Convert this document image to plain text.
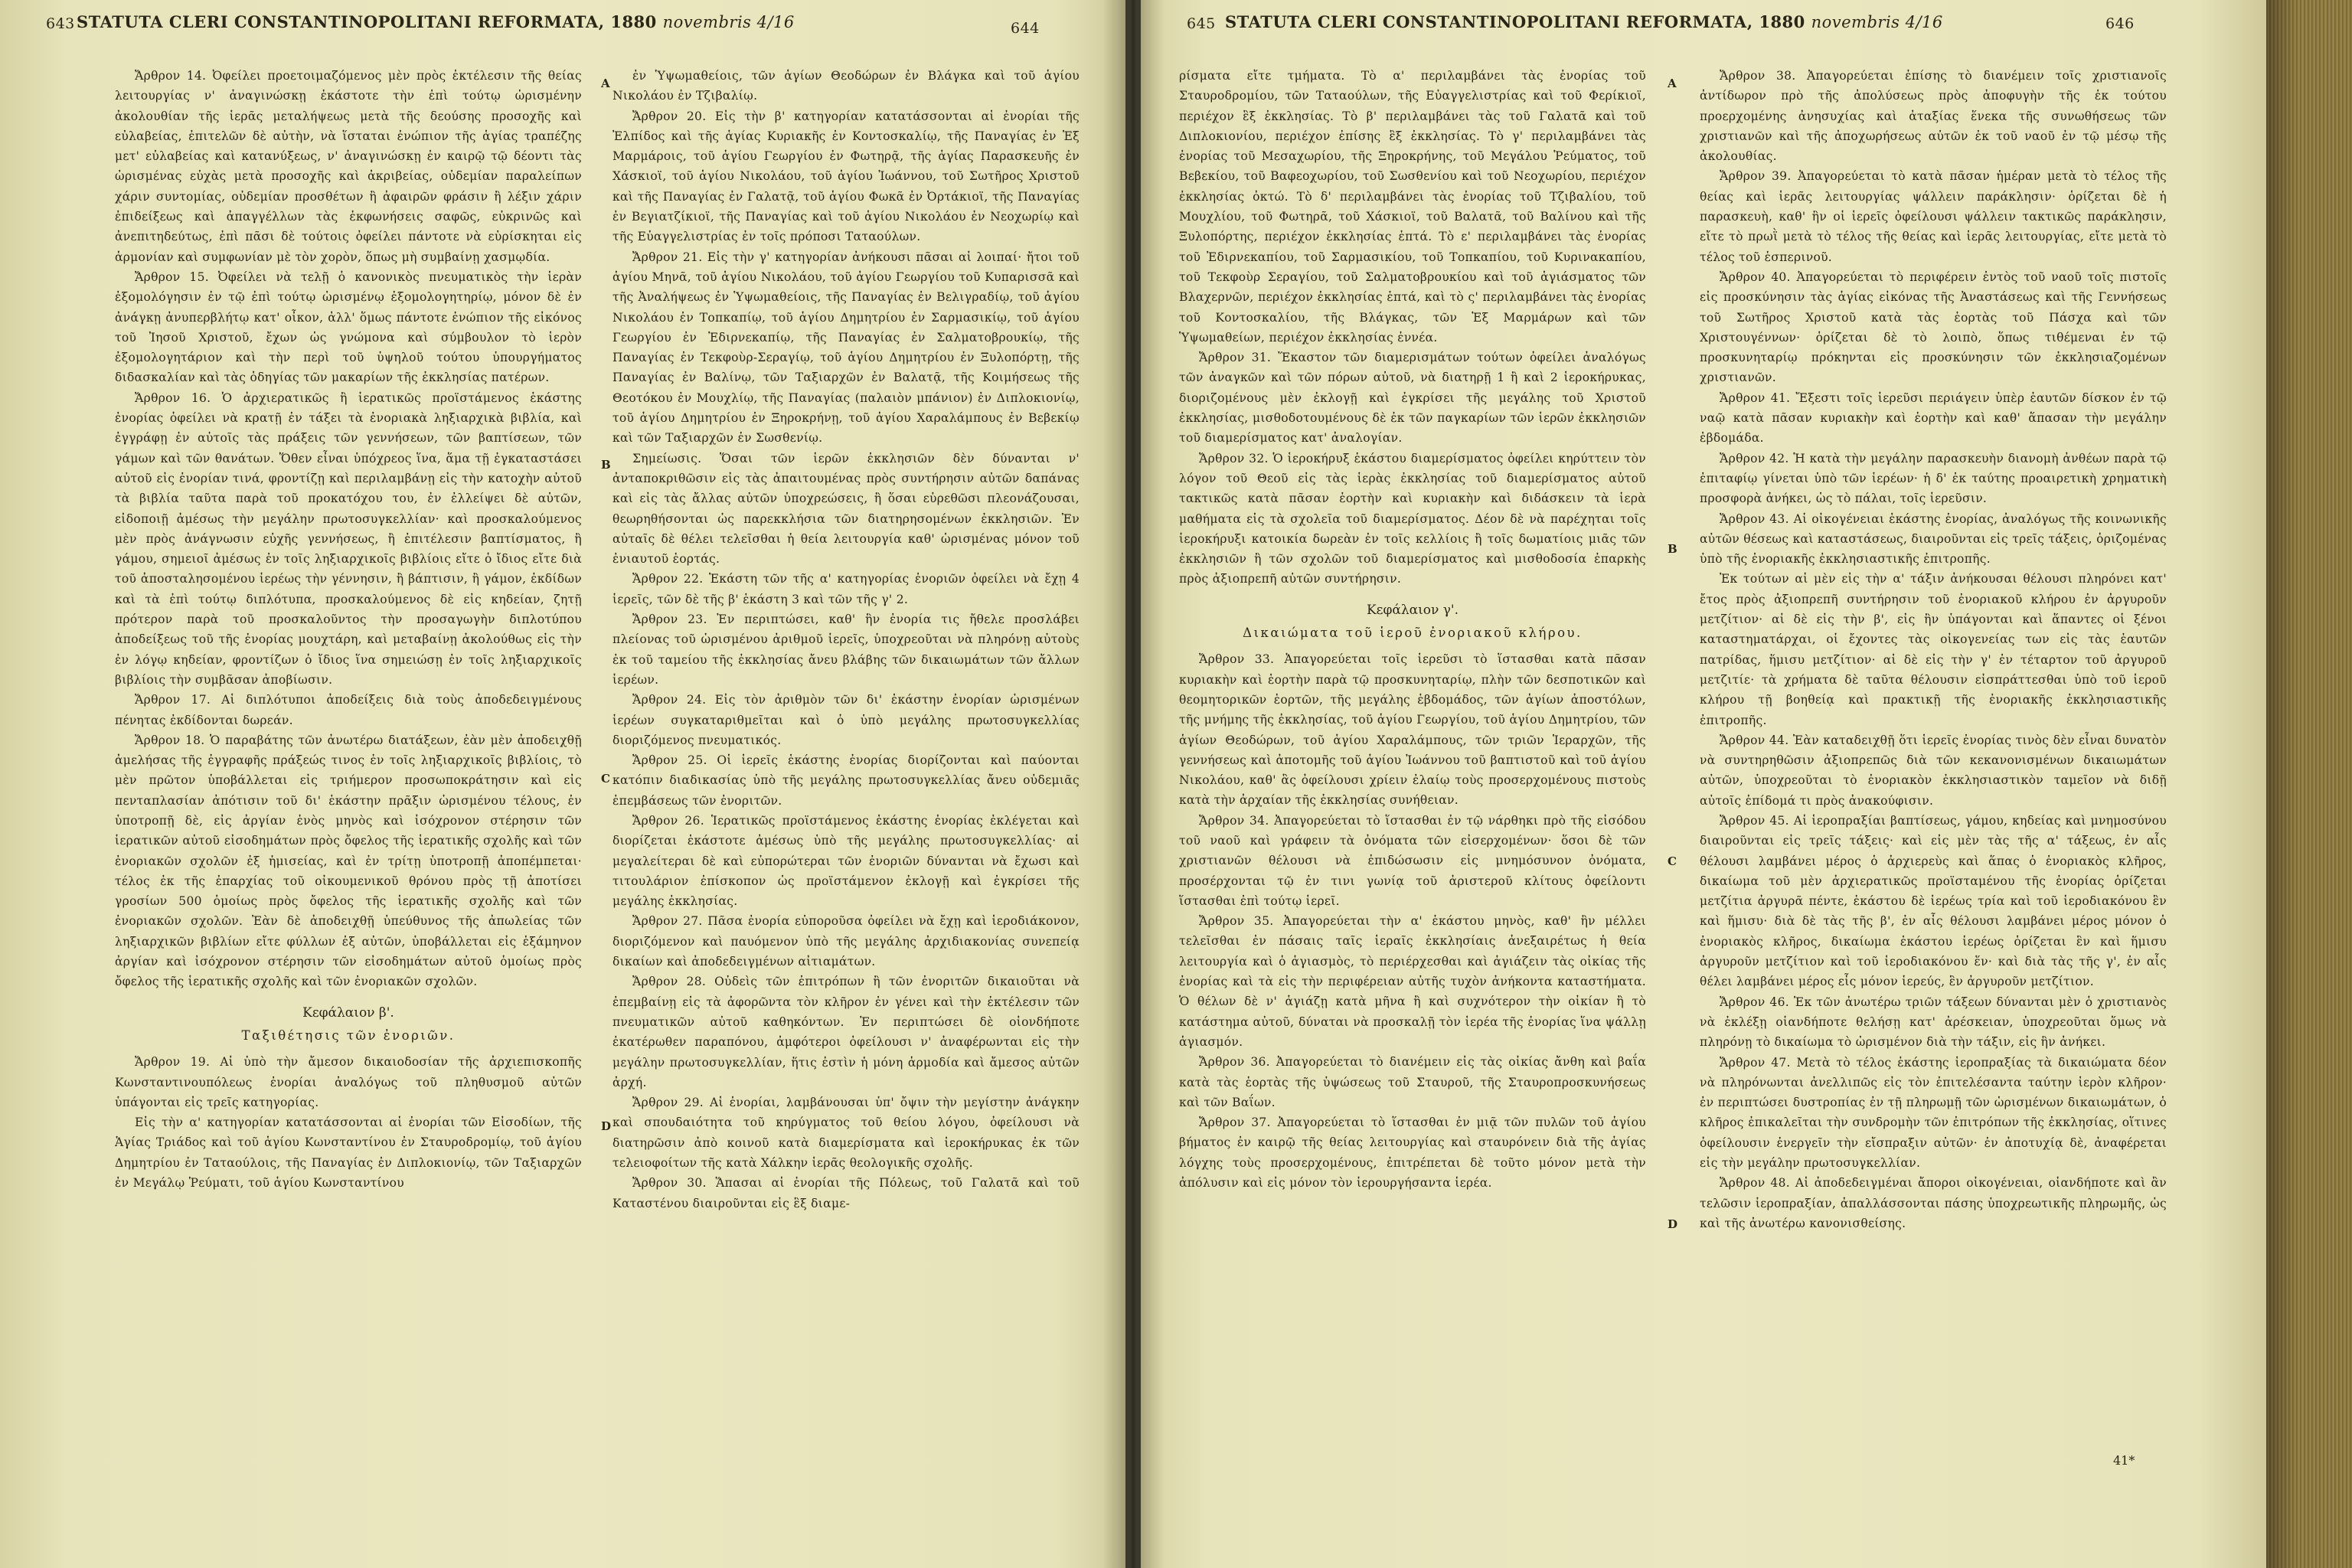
643 STATUTA CLERI CONSTANTINOPOLITANI REFORMATA, 1880 novembris 4/16	644

Ἄρθρον 14. Ὀφείλει προετοιμαζόμενος μὲν πρὸς ἐκτέλεσιν τῆς θείας λειτουργίας ν' ἀναγινώσκῃ ἑκάστοτε τὴν ἐπὶ τούτῳ ὡρισμένην ἀκολουθίαν τῆς ἱερᾶς μεταλήψεως μετὰ τῆς δεούσης προσοχῆς καὶ εὐλαβείας, ἐπιτελῶν δὲ αὐτὴν, νὰ ἵσταται ἐνώπιον τῆς ἁγίας τραπέζης μετ' εὐλαβείας καὶ κατανύξεως, ν' ἀναγινώσκῃ ἐν καιρῷ τῷ δέοντι τὰς ὡρισμένας εὐχὰς μετὰ προσοχῆς καὶ ἀκριβείας, οὐδεμίαν παραλείπων χάριν συντομίας, οὐδεμίαν προσθέτων ἢ ἀφαιρῶν φράσιν ἢ λέξιν χάριν ἐπιδείξεως καὶ ἀπαγγέλλων τὰς ἐκφωνήσεις σαφῶς, εὐκρινῶς καὶ ἀνεπιτηδεύτως, ἐπὶ πᾶσι δὲ τούτοις ὀφείλει πάντοτε νὰ εὑρίσκηται εἰς ἁρμονίαν καὶ συμφωνίαν μὲ τὸν χορὸν, ὅπως μὴ συμβαίνῃ χασμῳδία.

Ἄρθρον 15. Ὀφείλει νὰ τελῇ ὁ κανονικὸς πνευματικὸς τὴν ἱερὰν ἐξομολόγησιν ἐν τῷ ἐπὶ τούτῳ ὡρισμένῳ ἐξομολογητηρίῳ, μόνον δὲ ἐν ἀνάγκῃ ἀνυπερβλήτῳ κατ' οἶκον, ἀλλ' ὅμως πάντοτε ἐνώπιον τῆς εἰκόνος τοῦ Ἰησοῦ Χριστοῦ, ἔχων ὡς γνώμονα καὶ σύμβουλον τὸ ἱερὸν ἐξομολογητάριον καὶ τὴν περὶ τοῦ ὑψηλοῦ τούτου ὑπουργήματος διδασκαλίαν καὶ τὰς ὁδηγίας τῶν μακαρίων τῆς ἐκκλησίας πατέρων.

Ἄρθρον 16. Ὁ ἀρχιερατικῶς ἢ ἱερατικῶς προϊστάμενος ἑκάστης ἐνορίας ὀφείλει νὰ κρατῇ ἐν τάξει τὰ ἐνοριακὰ ληξιαρχικὰ βιβλία, καὶ ἐγγράφῃ ἐν αὐτοῖς τὰς πράξεις τῶν γεννήσεων, τῶν βαπτίσεων, τῶν γάμων καὶ τῶν θανάτων. Ὅθεν εἶναι ὑπόχρεος ἵνα, ἅμα τῇ ἐγκαταστάσει αὐτοῦ εἰς ἐνορίαν τινά, φροντίζῃ καὶ περιλαμβάνῃ εἰς τὴν κατοχὴν αὐτοῦ τὰ βιβλία ταῦτα παρὰ τοῦ προκατόχου του, ἐν ἐλλείψει δὲ αὐτῶν, εἰδοποιῇ ἀμέσως τὴν μεγάλην πρωτοσυγκελλίαν· καὶ προσκαλούμενος μὲν πρὸς ἀνάγνωσιν εὐχῆς γεννήσεως, ἢ ἐπιτέλεσιν βαπτίσματος, ἢ γάμου, σημειοῖ ἀμέσως ἐν τοῖς ληξιαρχικοῖς βιβλίοις εἴτε ὁ ἴδιος εἴτε διὰ τοῦ ἀποσταλησομένου ἱερέως τὴν γέννησιν, ἢ βάπτισιν, ἢ γάμον, ἐκδίδων καὶ τὰ ἐπὶ τούτῳ διπλότυπα, προσκαλούμενος δὲ εἰς κηδείαν, ζητῇ πρότερον παρὰ τοῦ προσκαλοῦντος τὴν προσαγωγὴν διπλοτύπου ἀποδείξεως τοῦ τῆς ἐνορίας μουχτάρη, καὶ μεταβαίνῃ ἀκολούθως εἰς τὴν ἐν λόγῳ κηδείαν, φροντίζων ὁ ἴδιος ἵνα σημειώσῃ ἐν τοῖς ληξιαρχικοῖς βιβλίοις τὴν συμβᾶσαν ἀποβίωσιν.

Ἄρθρον 17. Αἱ διπλότυποι ἀποδείξεις διὰ τοὺς ἀποδεδειγμένους πένητας ἐκδίδονται δωρεάν.

Ἄρθρον 18. Ὁ παραβάτης τῶν ἀνωτέρω διατάξεων, ἐὰν μὲν ἀποδειχθῇ ἀμελήσας τῆς ἐγγραφῆς πράξεώς τινος ἐν τοῖς ληξιαρχικοῖς βιβλίοις, τὸ μὲν πρῶτον ὑποβάλλεται εἰς τριήμερον προσωποκράτησιν καὶ εἰς πενταπλασίαν ἀπότισιν τοῦ δι' ἑκάστην πρᾶξιν ὡρισμένου τέλους, ἐν ὑποτροπῇ δὲ, εἰς ἀργίαν ἑνὸς μηνὸς καὶ ἰσόχρονον στέρησιν τῶν ἱερατικῶν αὐτοῦ εἰσοδημάτων πρὸς ὄφελος τῆς ἱερατικῆς σχολῆς καὶ τῶν ἐνοριακῶν σχολῶν ἐξ ἡμισείας, καὶ ἐν τρίτῃ ὑποτροπῇ ἀποπέμπεται· τέλος ἐκ τῆς ἐπαρχίας τοῦ οἰκουμενικοῦ θρόνου πρὸς τῇ ἀποτίσει γροσίων 500 ὁμοίως πρὸς ὄφελος τῆς ἱερατικῆς σχολῆς καὶ τῶν ἐνοριακῶν σχολῶν. Ἐὰν δὲ ἀποδειχθῇ ὑπεύθυνος τῆς ἀπωλείας τῶν ληξιαρχικῶν βιβλίων εἴτε φύλλων ἐξ αὐτῶν, ὑποβάλλεται εἰς ἑξάμηνον ἀργίαν καὶ ἰσόχρονον στέρησιν τῶν εἰσοδημάτων αὐτοῦ ὁμοίως πρὸς ὄφελος τῆς ἱερατικῆς σχολῆς καὶ τῶν ἐνοριακῶν σχολῶν.

Κεφάλαιον β'.

Ταξιθέτησις τῶν ἐνοριῶν.

Ἄρθρον 19. Αἱ ὑπὸ τὴν ἄμεσον δικαιοδοσίαν τῆς ἀρχιεπισκοπῆς Κωνσταντινουπόλεως ἐνορίαι ἀναλόγως τοῦ πληθυσμοῦ αὐτῶν ὑπάγονται εἰς τρεῖς κατηγορίας.

Εἰς τὴν α' κατηγορίαν κατατάσσονται αἱ ἐνορίαι τῶν Εἰσοδίων, τῆς Ἁγίας Τριάδος καὶ τοῦ ἁγίου Κωνσταντίνου ἐν Σταυροδρομίῳ, τοῦ ἁγίου Δημητρίου ἐν Ταταούλοις, τῆς Παναγίας ἐν Διπλοκιονίῳ, τῶν Ταξιαρχῶν ἐν Μεγάλῳ Ῥεύματι, τοῦ ἁγίου Κωνσταντίνου

ἐν Ὑψωμαθείοις, τῶν ἁγίων Θεοδώρων ἐν Βλάγκα καὶ τοῦ ἁγίου Νικολάου ἐν Τζιβαλίῳ.

Ἄρθρον 20. Εἰς τὴν β' κατηγορίαν κατατάσσονται αἱ ἐνορίαι τῆς Ἐλπίδος καὶ τῆς ἁγίας Κυριακῆς ἐν Κοντοσκαλίῳ, τῆς Παναγίας ἐν Ἑξ Μαρμάροις, τοῦ ἁγίου Γεωργίου ἐν Φωτηρᾷ, τῆς ἁγίας Παρασκευῆς ἐν Χάσκιοϊ, τοῦ ἁγίου Νικολάου, τοῦ ἁγίου Ἰωάννου, τοῦ Σωτῆρος Χριστοῦ καὶ τῆς Παναγίας ἐν Γαλατᾷ, τοῦ ἁγίου Φωκᾶ ἐν Ὀρτάκιοϊ, τῆς Παναγίας ἐν Βεγιατζίκιοϊ, τῆς Παναγίας καὶ τοῦ ἁγίου Νικολάου ἐν Νεοχωρίῳ καὶ τῆς Εὐαγγελιστρίας ἐν τοῖς πρόποσι Ταταούλων.

Ἄρθρον 21. Εἰς τὴν γ' κατηγορίαν ἀνήκουσι πᾶσαι αἱ λοιπαί· ἤτοι τοῦ ἁγίου Μηνᾶ, τοῦ ἁγίου Νικολάου, τοῦ ἁγίου Γεωργίου τοῦ Κυπαρισσᾶ καὶ τῆς Ἀναλήψεως ἐν Ὑψωμαθείοις, τῆς Παναγίας ἐν Βελιγραδίῳ, τοῦ ἁγίου Νικολάου ἐν Τοπκαπίῳ, τοῦ ἁγίου Δημητρίου ἐν Σαρμασικίῳ, τοῦ ἁγίου Γεωργίου ἐν Ἐδιρνεκαπίῳ, τῆς Παναγίας ἐν Σαλματοβρουκίῳ, τῆς Παναγίας ἐν Τεκφοὺρ-Σεραγίῳ, τοῦ ἁγίου Δημητρίου ἐν Ξυλοπόρτῃ, τῆς Παναγίας ἐν Βαλίνῳ, τῶν Ταξιαρχῶν ἐν Βαλατᾷ, τῆς Κοιμήσεως τῆς Θεοτόκου ἐν Μουχλίῳ, τῆς Παναγίας (παλαιὸν μπάνιον) ἐν Διπλοκιονίῳ, τοῦ ἁγίου Δημητρίου ἐν Ξηροκρήνῃ, τοῦ ἁγίου Χαραλάμπους ἐν Βεβεκίῳ καὶ τῶν Ταξιαρχῶν ἐν Σωσθενίῳ.

Σημείωσις. Ὅσαι τῶν ἱερῶν ἐκκλησιῶν δὲν δύνανται ν' ἀνταποκριθῶσιν εἰς τὰς ἀπαιτουμένας πρὸς συντήρησιν αὐτῶν δαπάνας καὶ εἰς τὰς ἄλλας αὐτῶν ὑποχρεώσεις, ἢ ὅσαι εὑρεθῶσι πλεονάζουσαι, θεωρηθήσονται ὡς παρεκκλήσια τῶν διατηρησομένων ἐκκλησιῶν. Ἐν αὐταῖς δὲ θέλει τελεῖσθαι ἡ θεία λειτουργία καθ' ὡρισμένας μόνον τοῦ ἐνιαυτοῦ ἑορτάς.

Ἄρθρον 22. Ἑκάστη τῶν τῆς α' κατηγορίας ἐνοριῶν ὀφείλει νὰ ἔχῃ 4 ἱερεῖς, τῶν δὲ τῆς β' ἑκάστη 3 καὶ τῶν τῆς γ' 2.

Ἄρθρον 23. Ἐν περιπτώσει, καθ' ἣν ἐνορία τις ἤθελε προσλάβει πλείονας τοῦ ὡρισμένου ἀριθμοῦ ἱερεῖς, ὑποχρεοῦται νὰ πληρόνῃ αὐτοὺς ἐκ τοῦ ταμείου τῆς ἐκκλησίας ἄνευ βλάβης τῶν δικαιωμάτων τῶν ἄλλων ἱερέων.

Ἄρθρον 24. Εἰς τὸν ἀριθμὸν τῶν δι' ἑκάστην ἐνορίαν ὡρισμένων ἱερέων συγκαταριθμεῖται καὶ ὁ ὑπὸ μεγάλης πρωτοσυγκελλίας διοριζόμενος πνευματικός.

Ἄρθρον 25. Οἱ ἱερεῖς ἑκάστης ἐνορίας διορίζονται καὶ παύονται κατόπιν διαδικασίας ὑπὸ τῆς μεγάλης πρωτοσυγκελλίας ἄνευ οὐδεμιᾶς ἐπεμβάσεως τῶν ἐνοριτῶν.

Ἄρθρον 26. Ἱερατικῶς προϊστάμενος ἑκάστης ἐνορίας ἐκλέγεται καὶ διορίζεται ἑκάστοτε ἀμέσως ὑπὸ τῆς μεγάλης πρωτοσυγκελλίας· αἱ μεγαλείτεραι δὲ καὶ εὐπορώτεραι τῶν ἐνοριῶν δύνανται νὰ ἔχωσι καὶ τιτουλάριον ἐπίσκοπον ὡς προϊστάμενον ἐκλογῇ καὶ ἐγκρίσει τῆς μεγάλης ἐκκλησίας.

Ἄρθρον 27. Πᾶσα ἐνορία εὐποροῦσα ὀφείλει νὰ ἔχῃ καὶ ἱεροδιάκονον, διοριζόμενον καὶ παυόμενον ὑπὸ τῆς μεγάλης ἀρχιδιακονίας συνεπείᾳ δικαίων καὶ ἀποδεδειγμένων αἰτιαμάτων.

Ἄρθρον 28. Οὐδεὶς τῶν ἐπιτρόπων ἢ τῶν ἐνοριτῶν δικαιοῦται νὰ ἐπεμβαίνῃ εἰς τὰ ἀφορῶντα τὸν κλῆρον ἐν γένει καὶ τὴν ἐκτέλεσιν τῶν πνευματικῶν αὐτοῦ καθηκόντων. Ἐν περιπτώσει δὲ οἱονδήποτε ἐκατέρωθεν παραπόνου, ἀμφότεροι ὀφείλουσι ν' ἀναφέρωνται εἰς τὴν μεγάλην πρωτοσυγκελλίαν, ἥτις ἐστὶν ἡ μόνη ἁρμοδία καὶ ἄμεσος αὐτῶν ἀρχή.

Ἄρθρον 29. Αἱ ἐνορίαι, λαμβάνουσαι ὑπ' ὄψιν τὴν μεγίστην ἀνάγκην καὶ σπουδαιότητα τοῦ κηρύγματος τοῦ θείου λόγου, ὀφείλουσι νὰ διατηρῶσιν ἀπὸ κοινοῦ κατὰ διαμερίσματα καὶ ἱεροκήρυκας ἐκ τῶν τελειοφοίτων τῆς κατὰ Χάλκην ἱερᾶς θεολογικῆς σχολῆς.

Ἄρθρον 30. Ἅπασαι αἱ ἐνορίαι τῆς Πόλεως, τοῦ Γαλατᾶ καὶ τοῦ Καταστένου διαιροῦνται εἰς ἓξ διαμε-

A
B
C
D
645 STATUTA CLERI CONSTANTINOPOLITANI REFORMATA, 1880 novembris 4/16	646

ρίσματα εἴτε τμήματα. Τὸ α' περιλαμβάνει τὰς ἐνορίας τοῦ Σταυροδρομίου, τῶν Ταταούλων, τῆς Εὐαγγελιστρίας καὶ τοῦ Φερίκιοϊ, περιέχον ἓξ ἐκκλησίας. Τὸ β' περιλαμβάνει τὰς τοῦ Γαλατᾶ καὶ τοῦ Διπλοκιονίου, περιέχον ἐπίσης ἓξ ἐκκλησίας. Τὸ γ' περιλαμβάνει τὰς ἐνορίας τοῦ Μεσαχωρίου, τῆς Ξηροκρήνης, τοῦ Μεγάλου Ῥεύματος, τοῦ Βεβεκίου, τοῦ Βαφεοχωρίου, τοῦ Σωσθενίου καὶ τοῦ Νεοχωρίου, περιέχον ἐκκλησίας ὀκτώ. Τὸ δ' περιλαμβάνει τὰς ἐνορίας τοῦ Τζιβαλίου, τοῦ Μουχλίου, τοῦ Φωτηρᾶ, τοῦ Χάσκιοϊ, τοῦ Βαλατᾶ, τοῦ Βαλίνου καὶ τῆς Ξυλοπόρτης, περιέχον ἐκκλησίας ἑπτά. Τὸ ε' περιλαμβάνει τὰς ἐνορίας τοῦ Ἐδιρνεκαπίου, τοῦ Σαρμασικίου, τοῦ Τοπκαπίου, τοῦ Κυρινακαπίου, τοῦ Τεκφοὺρ Σεραγίου, τοῦ Σαλματοβρουκίου καὶ τοῦ ἁγιάσματος τῶν Βλαχερνῶν, περιέχον ἐκκλησίας ἑπτά, καὶ τὸ ς' περιλαμβάνει τὰς ἐνορίας τοῦ Κοντοσκαλίου, τῆς Βλάγκας, τῶν Ἑξ Μαρμάρων καὶ τῶν Ὑψωμαθείων, περιέχον ἐκκλησίας ἐννέα.

Ἄρθρον 31. Ἕκαστον τῶν διαμερισμάτων τούτων ὀφείλει ἀναλόγως τῶν ἀναγκῶν καὶ τῶν πόρων αὐτοῦ, νὰ διατηρῇ 1 ἢ καὶ 2 ἱεροκήρυκας, διοριζομένους μὲν ἐκλογῇ καὶ ἐγκρίσει τῆς μεγάλης τοῦ Χριστοῦ ἐκκλησίας, μισθοδοτουμένους δὲ ἐκ τῶν παγκαρίων τῶν ἱερῶν ἐκκλησιῶν τοῦ διαμερίσματος κατ' ἀναλογίαν.

Ἄρθρον 32. Ὁ ἱεροκήρυξ ἑκάστου διαμερίσματος ὀφείλει κηρύττειν τὸν λόγον τοῦ Θεοῦ εἰς τὰς ἱερὰς ἐκκλησίας τοῦ διαμερίσματος αὐτοῦ τακτικῶς κατὰ πᾶσαν ἑορτὴν καὶ κυριακὴν καὶ διδάσκειν τὰ ἱερὰ μαθήματα εἰς τὰ σχολεῖα τοῦ διαμερίσματος. Δέον δὲ νὰ παρέχηται τοῖς ἱεροκήρυξι κατοικία δωρεὰν ἐν τοῖς κελλίοις ἢ τοῖς δωματίοις μιᾶς τῶν ἐκκλησιῶν ἢ τῶν σχολῶν τοῦ διαμερίσματος καὶ μισθοδοσία ἐπαρκὴς πρὸς ἀξιοπρεπῆ αὐτῶν συντήρησιν.

Κεφάλαιον γ'.

Δικαιώματα τοῦ ἱεροῦ ἐνοριακοῦ κλήρου.

Ἄρθρον 33. Ἀπαγορεύεται τοῖς ἱερεῦσι τὸ ἵστασθαι κατὰ πᾶσαν κυριακὴν καὶ ἑορτὴν παρὰ τῷ προσκυνηταρίῳ, πλὴν τῶν δεσποτικῶν καὶ θεομητορικῶν ἑορτῶν, τῆς μεγάλης ἑβδομάδος, τῶν ἁγίων ἀποστόλων, τῆς μνήμης τῆς ἐκκλησίας, τοῦ ἁγίου Γεωργίου, τοῦ ἁγίου Δημητρίου, τῶν ἁγίων Θεοδώρων, τοῦ ἁγίου Χαραλάμπους, τῶν τριῶν Ἱεραρχῶν, τῆς γεννήσεως καὶ ἀποτομῆς τοῦ ἁγίου Ἰωάννου τοῦ βαπτιστοῦ καὶ τοῦ ἁγίου Νικολάου, καθ' ἃς ὀφείλουσι χρίειν ἐλαίῳ τοὺς προσερχομένους πιστοὺς κατὰ τὴν ἀρχαίαν τῆς ἐκκλησίας συνήθειαν.

Ἄρθρον 34. Ἀπαγορεύεται τὸ ἵστασθαι ἐν τῷ νάρθηκι πρὸ τῆς εἰσόδου τοῦ ναοῦ καὶ γράφειν τὰ ὀνόματα τῶν εἰσερχομένων· ὅσοι δὲ τῶν χριστιανῶν θέλουσι νὰ ἐπιδώσωσιν εἰς μνημόσυνον ὀνόματα, προσέρχονται τῷ ἐν τινι γωνίᾳ τοῦ ἀριστεροῦ κλίτους ὀφείλοντι ἵστασθαι ἐπὶ τούτῳ ἱερεῖ.

Ἄρθρον 35. Ἀπαγορεύεται τὴν α' ἑκάστου μηνὸς, καθ' ἣν μέλλει τελεῖσθαι ἐν πάσαις ταῖς ἱεραῖς ἐκκλησίαις ἀνεξαιρέτως ἡ θεία λειτουργία καὶ ὁ ἁγιασμὸς, τὸ περιέρχεσθαι καὶ ἁγιάζειν τὰς οἰκίας τῆς ἐνορίας καὶ τὰ εἰς τὴν περιφέρειαν αὐτῆς τυχὸν ἀνήκοντα καταστήματα. Ὁ θέλων δὲ ν' ἁγιάζῃ κατὰ μῆνα ἢ καὶ συχνότερον τὴν οἰκίαν ἢ τὸ κατάστημα αὐτοῦ, δύναται νὰ προσκαλῇ τὸν ἱερέα τῆς ἐνορίας ἵνα ψάλλῃ ἁγιασμόν.

Ἄρθρον 36. Ἀπαγορεύεται τὸ διανέμειν εἰς τὰς οἰκίας ἄνθη καὶ βαΐα κατὰ τὰς ἑορτὰς τῆς ὑψώσεως τοῦ Σταυροῦ, τῆς Σταυροπροσκυνήσεως καὶ τῶν Βαΐων.

Ἄρθρον 37. Ἀπαγορεύεται τὸ ἵστασθαι ἐν μιᾷ τῶν πυλῶν τοῦ ἁγίου βήματος ἐν καιρῷ τῆς θείας λειτουργίας καὶ σταυρόνειν διὰ τῆς ἁγίας λόγχης τοὺς προσερχομένους, ἐπιτρέπεται δὲ τοῦτο μόνον μετὰ τὴν ἀπόλυσιν καὶ εἰς μόνον τὸν ἱερουργήσαντα ἱερέα.

Ἄρθρον 38. Ἀπαγορεύεται ἐπίσης τὸ διανέμειν τοῖς χριστιανοῖς ἀντίδωρον πρὸ τῆς ἀπολύσεως πρὸς ἀποφυγὴν τῆς ἐκ τούτου προερχομένης ἀνησυχίας καὶ ἀταξίας ἕνεκα τῆς συνωθήσεως τῶν χριστιανῶν καὶ τῆς ἀποχωρήσεως αὐτῶν ἐκ τοῦ ναοῦ ἐν τῷ μέσῳ τῆς ἀκολουθίας.

Ἄρθρον 39. Ἀπαγορεύεται τὸ κατὰ πᾶσαν ἡμέραν μετὰ τὸ τέλος τῆς θείας καὶ ἱερᾶς λειτουργίας ψάλλειν παράκλησιν· ὁρίζεται δὲ ἡ παρασκευὴ, καθ' ἣν οἱ ἱερεῖς ὀφείλουσι ψάλλειν τακτικῶς παράκλησιν, εἴτε τὸ πρωῒ μετὰ τὸ τέλος τῆς θείας καὶ ἱερᾶς λειτουργίας, εἴτε μετὰ τὸ τέλος τοῦ ἑσπερινοῦ.

Ἄρθρον 40. Ἀπαγορεύεται τὸ περιφέρειν ἐντὸς τοῦ ναοῦ τοῖς πιστοῖς εἰς προσκύνησιν τὰς ἁγίας εἰκόνας τῆς Ἀναστάσεως καὶ τῆς Γεννήσεως τοῦ Σωτῆρος Χριστοῦ κατὰ τὰς ἑορτὰς τοῦ Πάσχα καὶ τῶν Χριστουγέννων· ὁρίζεται δὲ τὸ λοιπὸ, ὅπως τιθέμεναι ἐν τῷ προσκυνηταρίῳ πρόκηνται εἰς προσκύνησιν τῶν ἐκκλησιαζομένων χριστιανῶν.

Ἄρθρον 41. Ἔξεστι τοῖς ἱερεῦσι περιάγειν ὑπὲρ ἑαυτῶν δίσκον ἐν τῷ ναῷ κατὰ πᾶσαν κυριακὴν καὶ ἑορτὴν καὶ καθ' ἅπασαν τὴν μεγάλην ἑβδομάδα.

Ἄρθρον 42. Ἡ κατὰ τὴν μεγάλην παρασκευὴν διανομὴ ἀνθέων παρὰ τῷ ἐπιταφίῳ γίνεται ὑπὸ τῶν ἱερέων· ἡ δ' ἐκ ταύτης προαιρετικὴ χρηματικὴ προσφορὰ ἀνήκει, ὡς τὸ πάλαι, τοῖς ἱερεῦσιν.

Ἄρθρον 43. Αἱ οἰκογένειαι ἑκάστης ἐνορίας, ἀναλόγως τῆς κοινωνικῆς αὐτῶν θέσεως καὶ καταστάσεως, διαιροῦνται εἰς τρεῖς τάξεις, ὁριζομένας ὑπὸ τῆς ἐνοριακῆς ἐκκλησιαστικῆς ἐπιτροπῆς.

Ἐκ τούτων αἱ μὲν εἰς τὴν α' τάξιν ἀνήκουσαι θέλουσι πληρόνει κατ' ἔτος πρὸς ἀξιοπρεπῆ συντήρησιν τοῦ ἐνοριακοῦ κλήρου ἐν ἀργυροῦν μετζίτιον· αἱ δὲ εἰς τὴν β', εἰς ἣν ὑπάγονται καὶ ἅπαντες οἱ ξένοι καταστηματάρχαι, οἱ ἔχοντες τὰς οἰκογενείας των εἰς τὰς ἑαυτῶν πατρίδας, ἥμισυ μετζίτιον· αἱ δὲ εἰς τὴν γ' ἐν τέταρτον τοῦ ἀργυροῦ μετζιτίε· τὰ χρήματα δὲ ταῦτα θέλουσιν εἰσπράττεσθαι ὑπὸ τοῦ ἱεροῦ κλήρου τῇ βοηθείᾳ καὶ πρακτικῇ τῆς ἐνοριακῆς ἐκκλησιαστικῆς ἐπιτροπῆς.

Ἄρθρον 44. Ἐὰν καταδειχθῇ ὅτι ἱερεῖς ἐνορίας τινὸς δὲν εἶναι δυνατὸν νὰ συντηρηθῶσιν ἀξιοπρεπῶς διὰ τῶν κεκανονισμένων δικαιωμάτων αὐτῶν, ὑποχρεοῦται τὸ ἐνοριακὸν ἐκκλησιαστικὸν ταμεῖον νὰ διδῇ αὐτοῖς ἐπίδομά τι πρὸς ἀνακούφισιν.

Ἄρθρον 45. Αἱ ἱεροπραξίαι βαπτίσεως, γάμου, κηδείας καὶ μνημοσύνου διαιροῦνται εἰς τρεῖς τάξεις· καὶ εἰς μὲν τὰς τῆς α' τάξεως, ἐν αἷς θέλουσι λαμβάνει μέρος ὁ ἀρχιερεὺς καὶ ἅπας ὁ ἐνοριακὸς κλῆρος, δικαίωμα τοῦ μὲν ἀρχιερατικῶς προϊσταμένου τῆς ἐνορίας ὁρίζεται μετζίτια ἀργυρᾶ πέντε, ἑκάστου δὲ ἱερέως τρία καὶ τοῦ ἱεροδιακόνου ἓν καὶ ἥμισυ· διὰ δὲ τὰς τῆς β', ἐν αἷς θέλουσι λαμβάνει μέρος μόνον ὁ ἐνοριακὸς κλῆρος, δικαίωμα ἑκάστου ἱερέως ὁρίζεται ἓν καὶ ἥμισυ ἀργυροῦν μετζίτιον καὶ τοῦ ἱεροδιακόνου ἕν· καὶ διὰ τὰς τῆς γ', ἐν αἷς θέλει λαμβάνει μέρος εἷς μόνον ἱερεύς, ἓν ἀργυροῦν μετζίτιον.

Ἄρθρον 46. Ἐκ τῶν ἀνωτέρω τριῶν τάξεων δύνανται μὲν ὁ χριστιανὸς νὰ ἐκλέξῃ οἱανδήποτε θελήσῃ κατ' ἀρέσκειαν, ὑποχρεοῦται ὅμως νὰ πληρόνῃ τὸ δικαίωμα τὸ ὡρισμένον διὰ τὴν τάξιν, εἰς ἣν ἀνήκει.

Ἄρθρον 47. Μετὰ τὸ τέλος ἑκάστης ἱεροπραξίας τὰ δικαιώματα δέον νὰ πληρόνωνται ἀνελλιπῶς εἰς τὸν ἐπιτελέσαντα ταύτην ἱερὸν κλῆρον· ἐν περιπτώσει δυστροπίας ἐν τῇ πληρωμῇ τῶν ὡρισμένων δικαιωμάτων, ὁ κλῆρος ἐπικαλεῖται τὴν συνδρομὴν τῶν ἐπιτρόπων τῆς ἐκκλησίας, οἵτινες ὀφείλουσιν ἐνεργεῖν τὴν εἴσπραξιν αὐτῶν· ἐν ἀποτυχίᾳ δὲ, ἀναφέρεται εἰς τὴν μεγάλην πρωτοσυγκελλίαν.

Ἄρθρον 48. Αἱ ἀποδεδειγμέναι ἄποροι οἰκογένειαι, οἱανδήποτε καὶ ἂν τελῶσιν ἱεροπραξίαν, ἀπαλλάσσονται πάσης ὑποχρεωτικῆς πληρωμῆς, ὡς καὶ τῆς ἀνωτέρω κανονισθείσης.

A
B
C
D
41*
